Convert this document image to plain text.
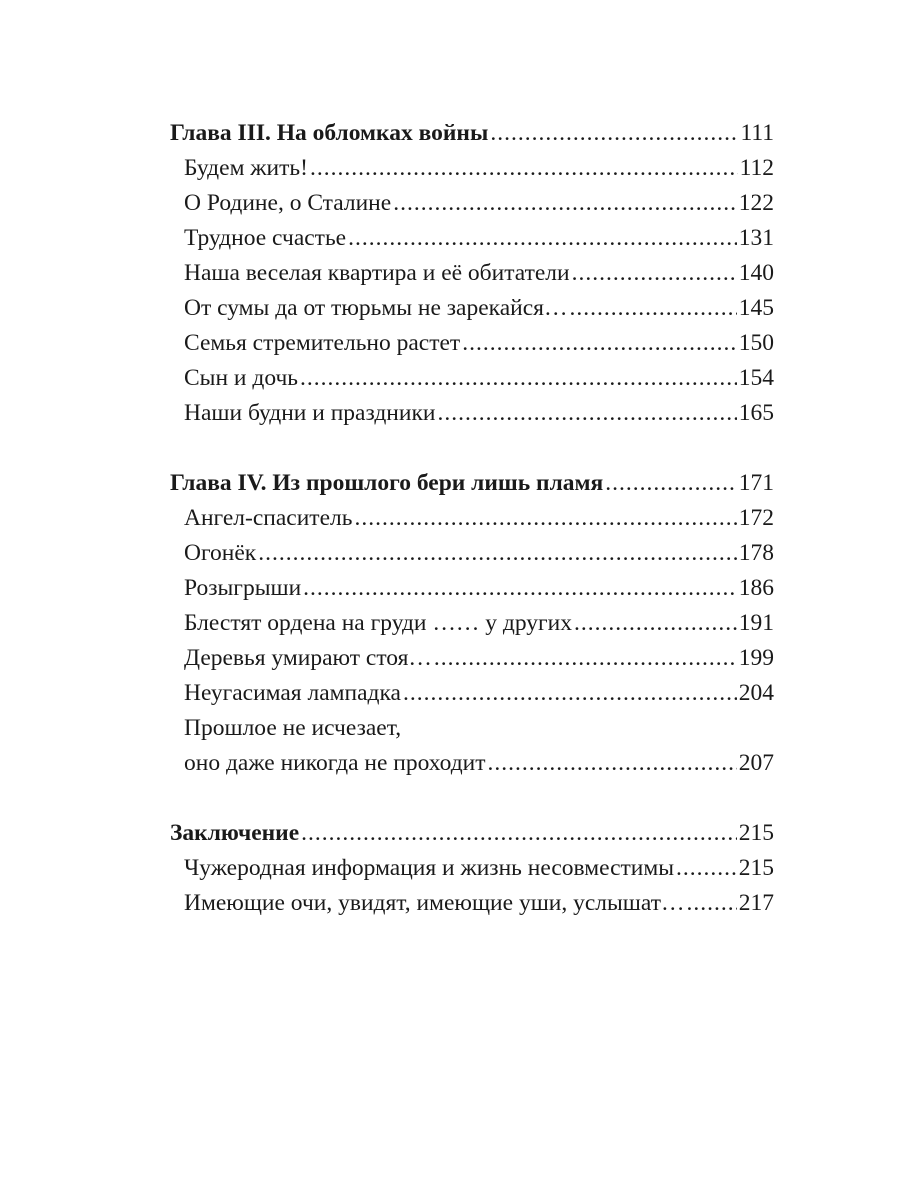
Глава III. На обломках войны .....	111
Будем жить! .....	112
О Родине, о Сталине .....	122
Трудное счастье .....	131
Наша веселая квартира и её обитатели .....	140
От сумы да от тюрьмы не зарекайся… .....	145
Семья стремительно растет .....	150
Сын и дочь .....	154
Наши будни и праздники .....	165
Глава IV. Из прошлого бери лишь пламя .....	171
Ангел-спаситель .....	172
Огонёк .....	178
Розыгрыши .....	186
Блестят ордена на груди …… у других .....	191
Деревья умирают стоя… .....	199
Неугасимая лампадка .....	204
Прошлое не исчезает,
оно даже никогда не проходит .....	207
Заключение .....	215
Чужеродная информация и жизнь несовместимы .....	215
Имеющие очи, увидят, имеющие уши, услышат… ..... 217
